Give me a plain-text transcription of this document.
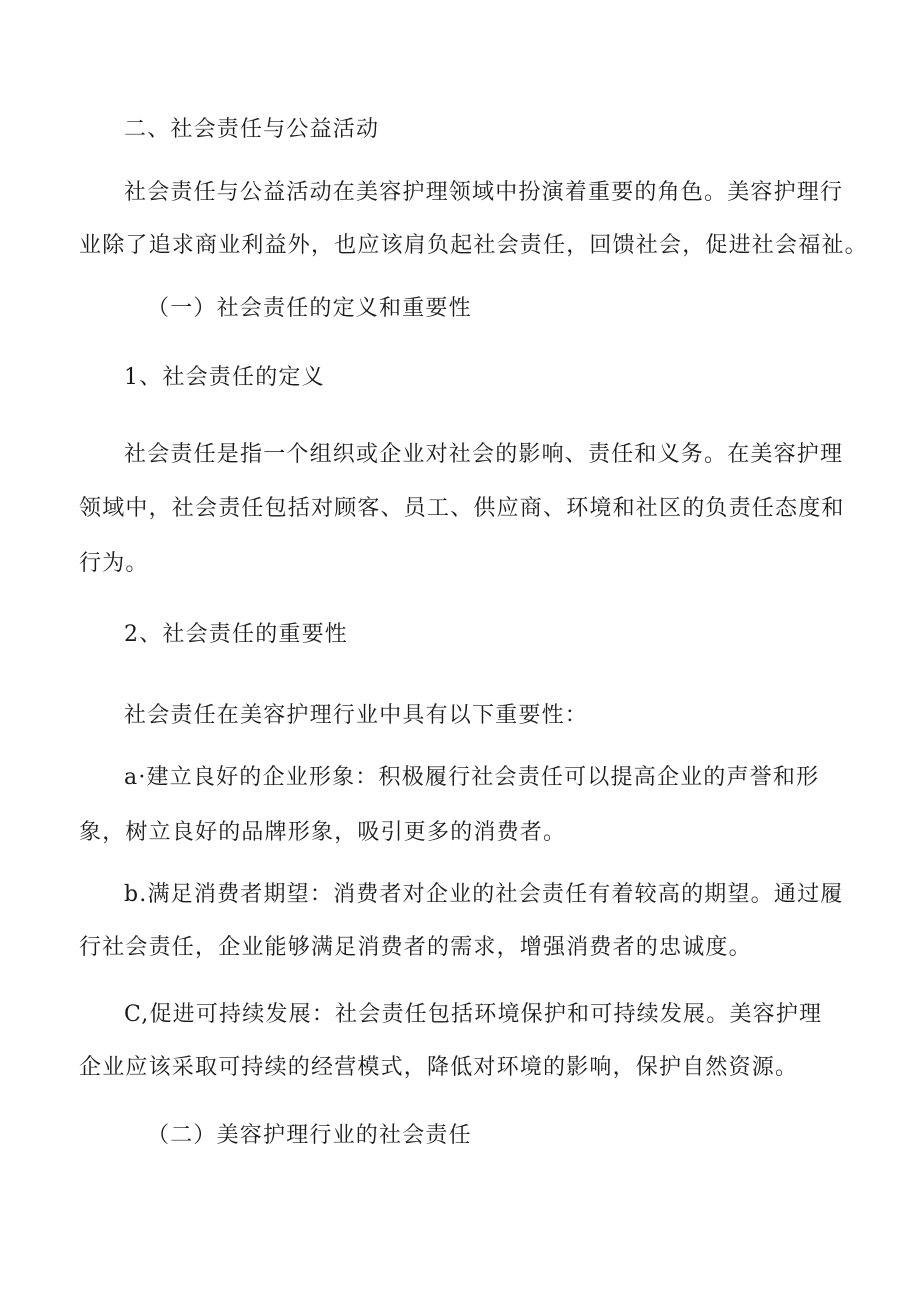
二、社会责任与公益活动

社会责任与公益活动在美容护理领域中扮演着重要的角色。美容护理行

业除了追求商业利益外，也应该肩负起社会责任，回馈社会，促进社会福祉。

（一）社会责任的定义和重要性

1、社会责任的定义

社会责任是指一个组织或企业对社会的影响、责任和义务。在美容护理

领域中，社会责任包括对顾客、员工、供应商、环境和社区的负责任态度和

行为。

2、社会责任的重要性

社会责任在美容护理行业中具有以下重要性：

a·建立良好的企业形象：积极履行社会责任可以提高企业的声誉和形

象，树立良好的品牌形象，吸引更多的消费者。

b.满足消费者期望：消费者对企业的社会责任有着较高的期望。通过履

行社会责任，企业能够满足消费者的需求，增强消费者的忠诚度。

C,促进可持续发展：社会责任包括环境保护和可持续发展。美容护理

企业应该采取可持续的经营模式，降低对环境的影响，保护自然资源。

（二）美容护理行业的社会责任
